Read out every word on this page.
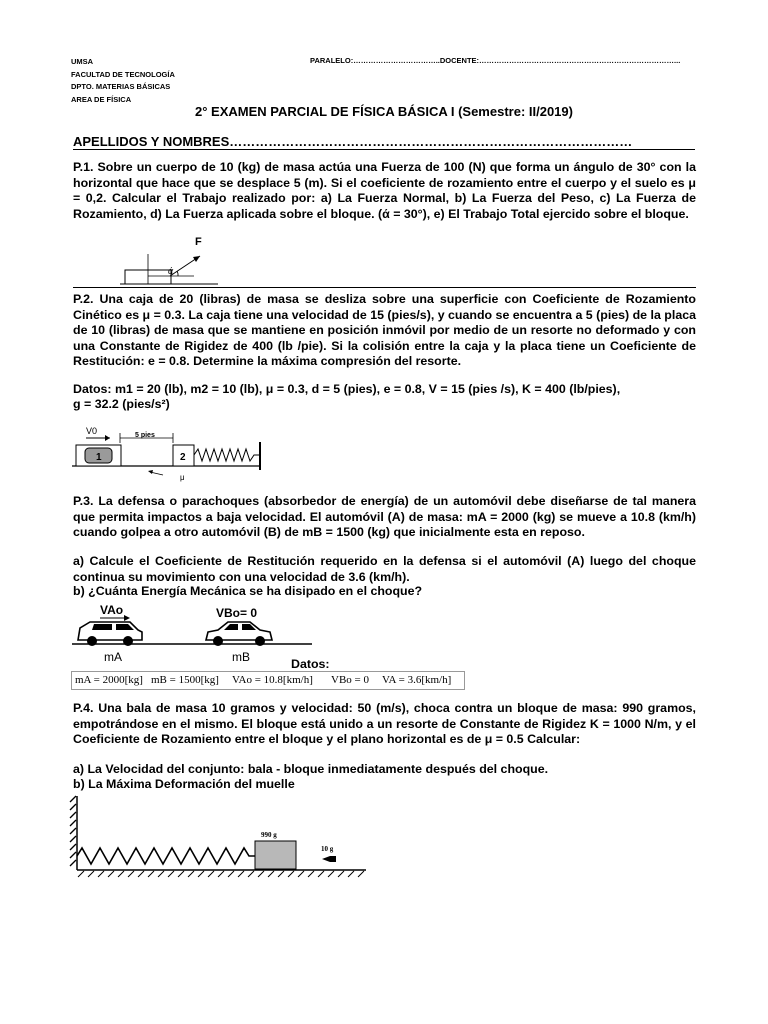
UMSA
FACULTAD DE TECNOLOGÍA
DPTO. MATERIAS BÁSICAS
AREA DE FÍSICA
PARALELO:……………………………..DOCENTE:……………………………………………………………………...
2° EXAMEN PARCIAL DE FÍSICA BÁSICA I (Semestre: II/2019)
APELLIDOS Y NOMBRES…………………………………………………………………………………
P.1. Sobre un cuerpo de 10 (kg) de masa actúa una Fuerza de 100 (N) que forma un ángulo de 30° con la horizontal que hace que se desplace 5 (m). Si el coeficiente de rozamiento entre el cuerpo y el suelo es μ = 0,2. Calcular el Trabajo realizado por: a) La Fuerza Normal, b) La Fuerza del Peso, c) La Fuerza de Rozamiento, d) La Fuerza aplicada sobre el bloque. (ά = 30°), e) El Trabajo Total ejercido sobre el bloque.
F
ά
P.2. Una caja de 20 (libras) de masa se desliza sobre una superficie con Coeficiente de Rozamiento Cinético es μ = 0.3. La caja tiene una velocidad de 15 (pies/s), y cuando se encuentra a 5 (pies) de la placa de 10 (libras) de masa que se mantiene en posición inmóvil por medio de un resorte no deformado y con una Constante de Rigidez de 400 (lb /pie). Si la colisión entre la caja y la placa tiene un Coeficiente de Restitución: e = 0.8. Determine la máxima compresión del resorte.
Datos: m1 = 20 (lb), m2 = 10 (lb), μ = 0.3, d = 5 (pies), e = 0.8, V = 15 (pies /s), K = 400 (lb/pies),
g = 32.2 (pies/s²)
V0	5 pies
1	2
μ
P.3. La defensa o parachoques (absorbedor de energía) de un automóvil debe diseñarse de tal manera que permita impactos a baja velocidad. El automóvil (A) de masa: mA = 2000 (kg) se mueve a 10.8 (km/h) cuando golpea a otro automóvil (B) de mB = 1500 (kg) que inicialmente esta en reposo.
a) Calcule el Coeficiente de Restitución requerido en la defensa si el automóvil (A) luego del choque continua su movimiento con una velocidad de 3.6 (km/h).
b) ¿Cuánta Energía Mecánica se ha disipado en el choque?
VAo	VBo= 0
mA	mB	Datos:
mA = 2000[kg] mB = 1500[kg] VAo = 10.8[km/h] VBo = 0 VA = 3.6[km/h]
P.4. Una bala de masa 10 gramos y velocidad: 50 (m/s), choca contra un bloque de masa: 990 gramos, empotrándose en el mismo. El bloque está unido a un resorte de Constante de Rigidez K = 1000 N/m, y el Coeficiente de Rozamiento entre el bloque y el plano horizontal es de μ = 0.5 Calcular:
a) La Velocidad del conjunto: bala - bloque inmediatamente después del choque.
b) La Máxima Deformación del muelle
990 g
10 g
